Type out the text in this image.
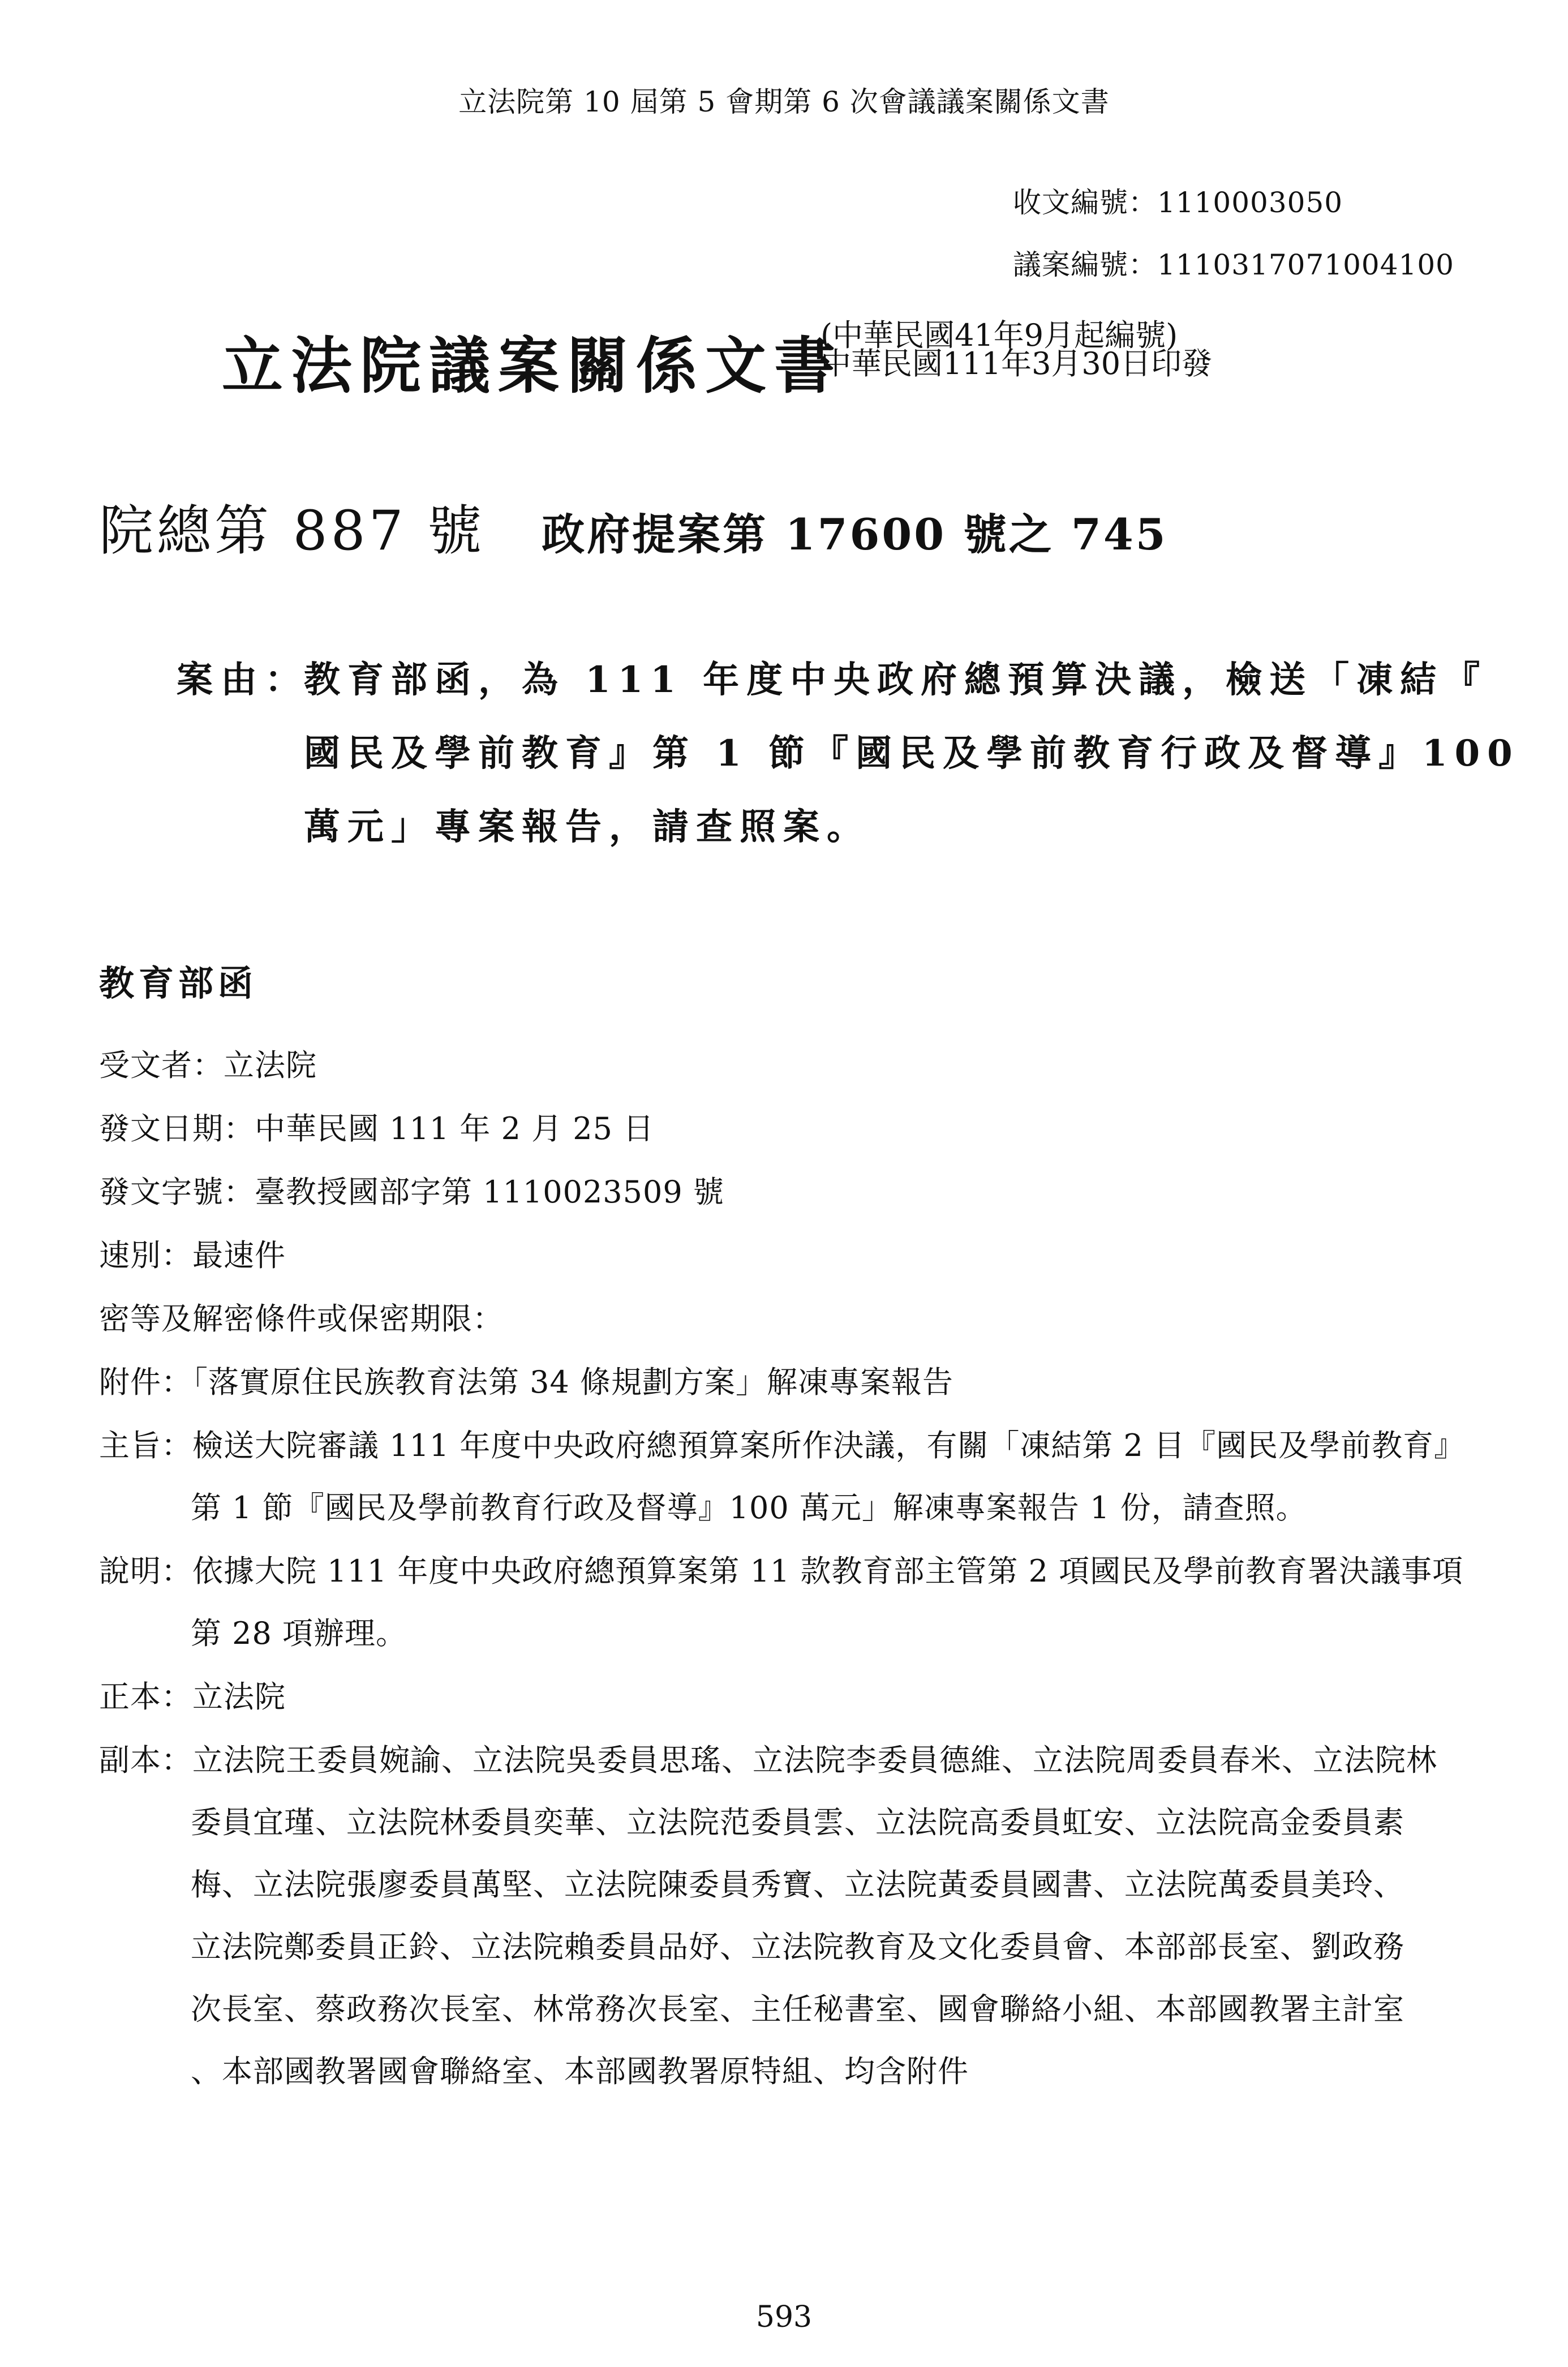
立法院第 10 屆第 5 會期第 6 次會議議案關係文書
收文編號：1110003050
議案編號：1110317071004100
立法院議案關係文書
(中華民國41年9月起編號)
中華民國111年3月30日印發
院總第 887 號 政府提案第 17600 號之 745
案由：
教育部函，為 111 年度中央政府總預算決議，檢送「凍結『
國民及學前教育』第 1 節『國民及學前教育行政及督導』100
萬元」專案報告，請查照案。
教育部函
受文者：立法院
發文日期：中華民國 111 年 2 月 25 日
發文字號：臺教授國部字第 1110023509 號
速別：最速件
密等及解密條件或保密期限：
附件：「落實原住民族教育法第 34 條規劃方案」解凍專案報告
主旨：檢送大院審議 111 年度中央政府總預算案所作決議，有關「凍結第 2 目『國民及學前教育』
第 1 節『國民及學前教育行政及督導』100 萬元」解凍專案報告 1 份，請查照。
說明：依據大院 111 年度中央政府總預算案第 11 款教育部主管第 2 項國民及學前教育署決議事項
第 28 項辦理。
正本：立法院
副本：立法院王委員婉諭、立法院吳委員思瑤、立法院李委員德維、立法院周委員春米、立法院林
委員宜瑾、立法院林委員奕華、立法院范委員雲、立法院高委員虹安、立法院高金委員素
梅、立法院張廖委員萬堅、立法院陳委員秀寶、立法院黃委員國書、立法院萬委員美玲、
立法院鄭委員正鈴、立法院賴委員品妤、立法院教育及文化委員會、本部部長室、劉政務
次長室、蔡政務次長室、林常務次長室、主任秘書室、國會聯絡小組、本部國教署主計室
、本部國教署國會聯絡室、本部國教署原特組、均含附件
593
